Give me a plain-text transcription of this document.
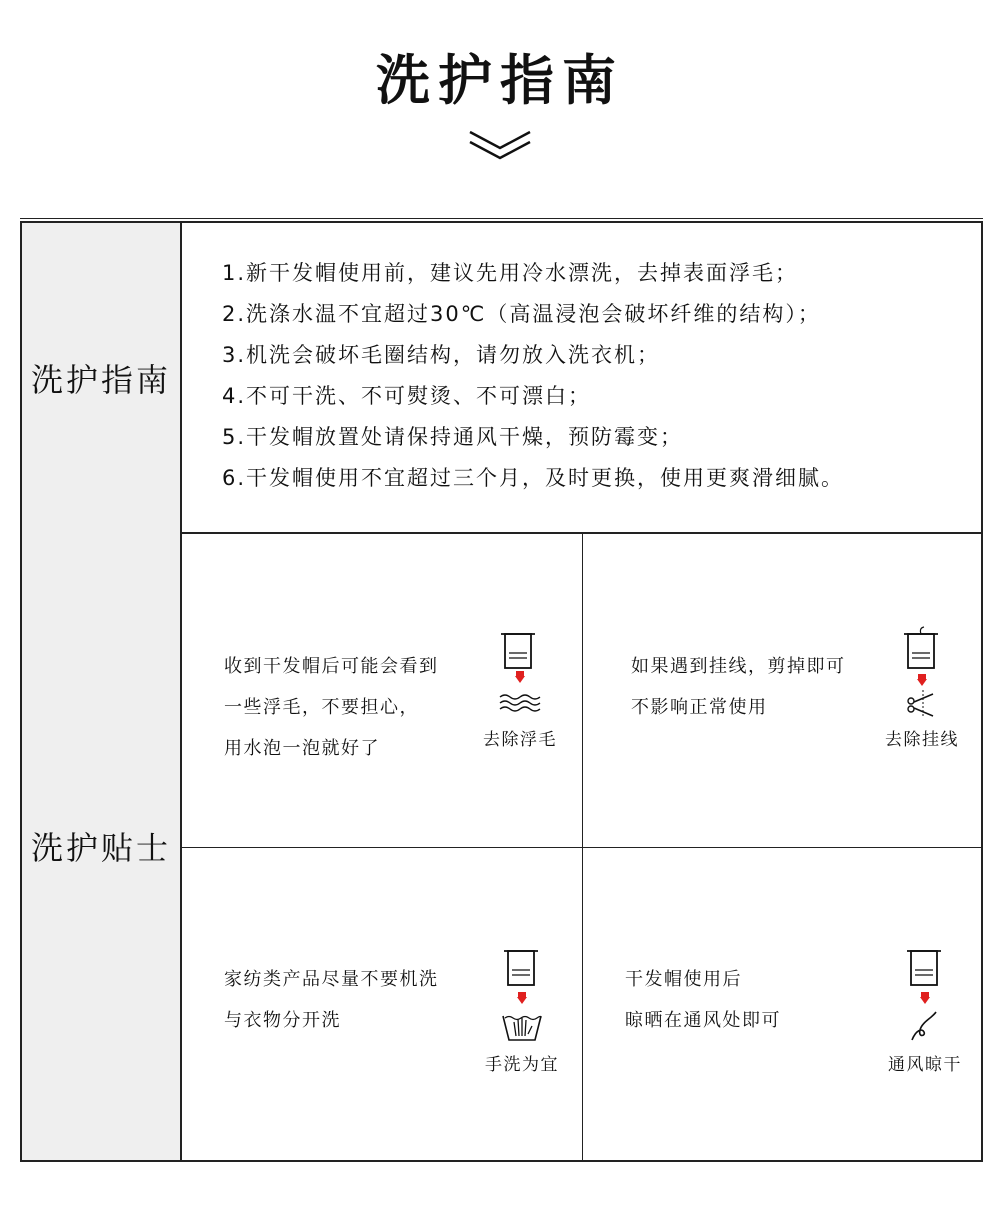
洗护指南
洗护指南
1.新干发帽使用前，建议先用冷水漂洗，去掉表面浮毛；
2.洗涤水温不宜超过30℃（高温浸泡会破坏纤维的结构）；
3.机洗会破坏毛圈结构，请勿放入洗衣机；
4.不可干洗、不可熨烫、不可漂白；
5.干发帽放置处请保持通风干燥，预防霉变；
6.干发帽使用不宜超过三个月，及时更换，使用更爽滑细腻。
洗护贴士

收到干发帽后可能会看到

一些浮毛，不要担心，

用水泡一泡就好了	去除浮毛

如果遇到挂线，剪掉即可

不影响正常使用

去除挂线

家纺类产品尽量不要机洗

与衣物分开洗

手洗为宜

干发帽使用后

晾晒在通风处即可

通风晾干
